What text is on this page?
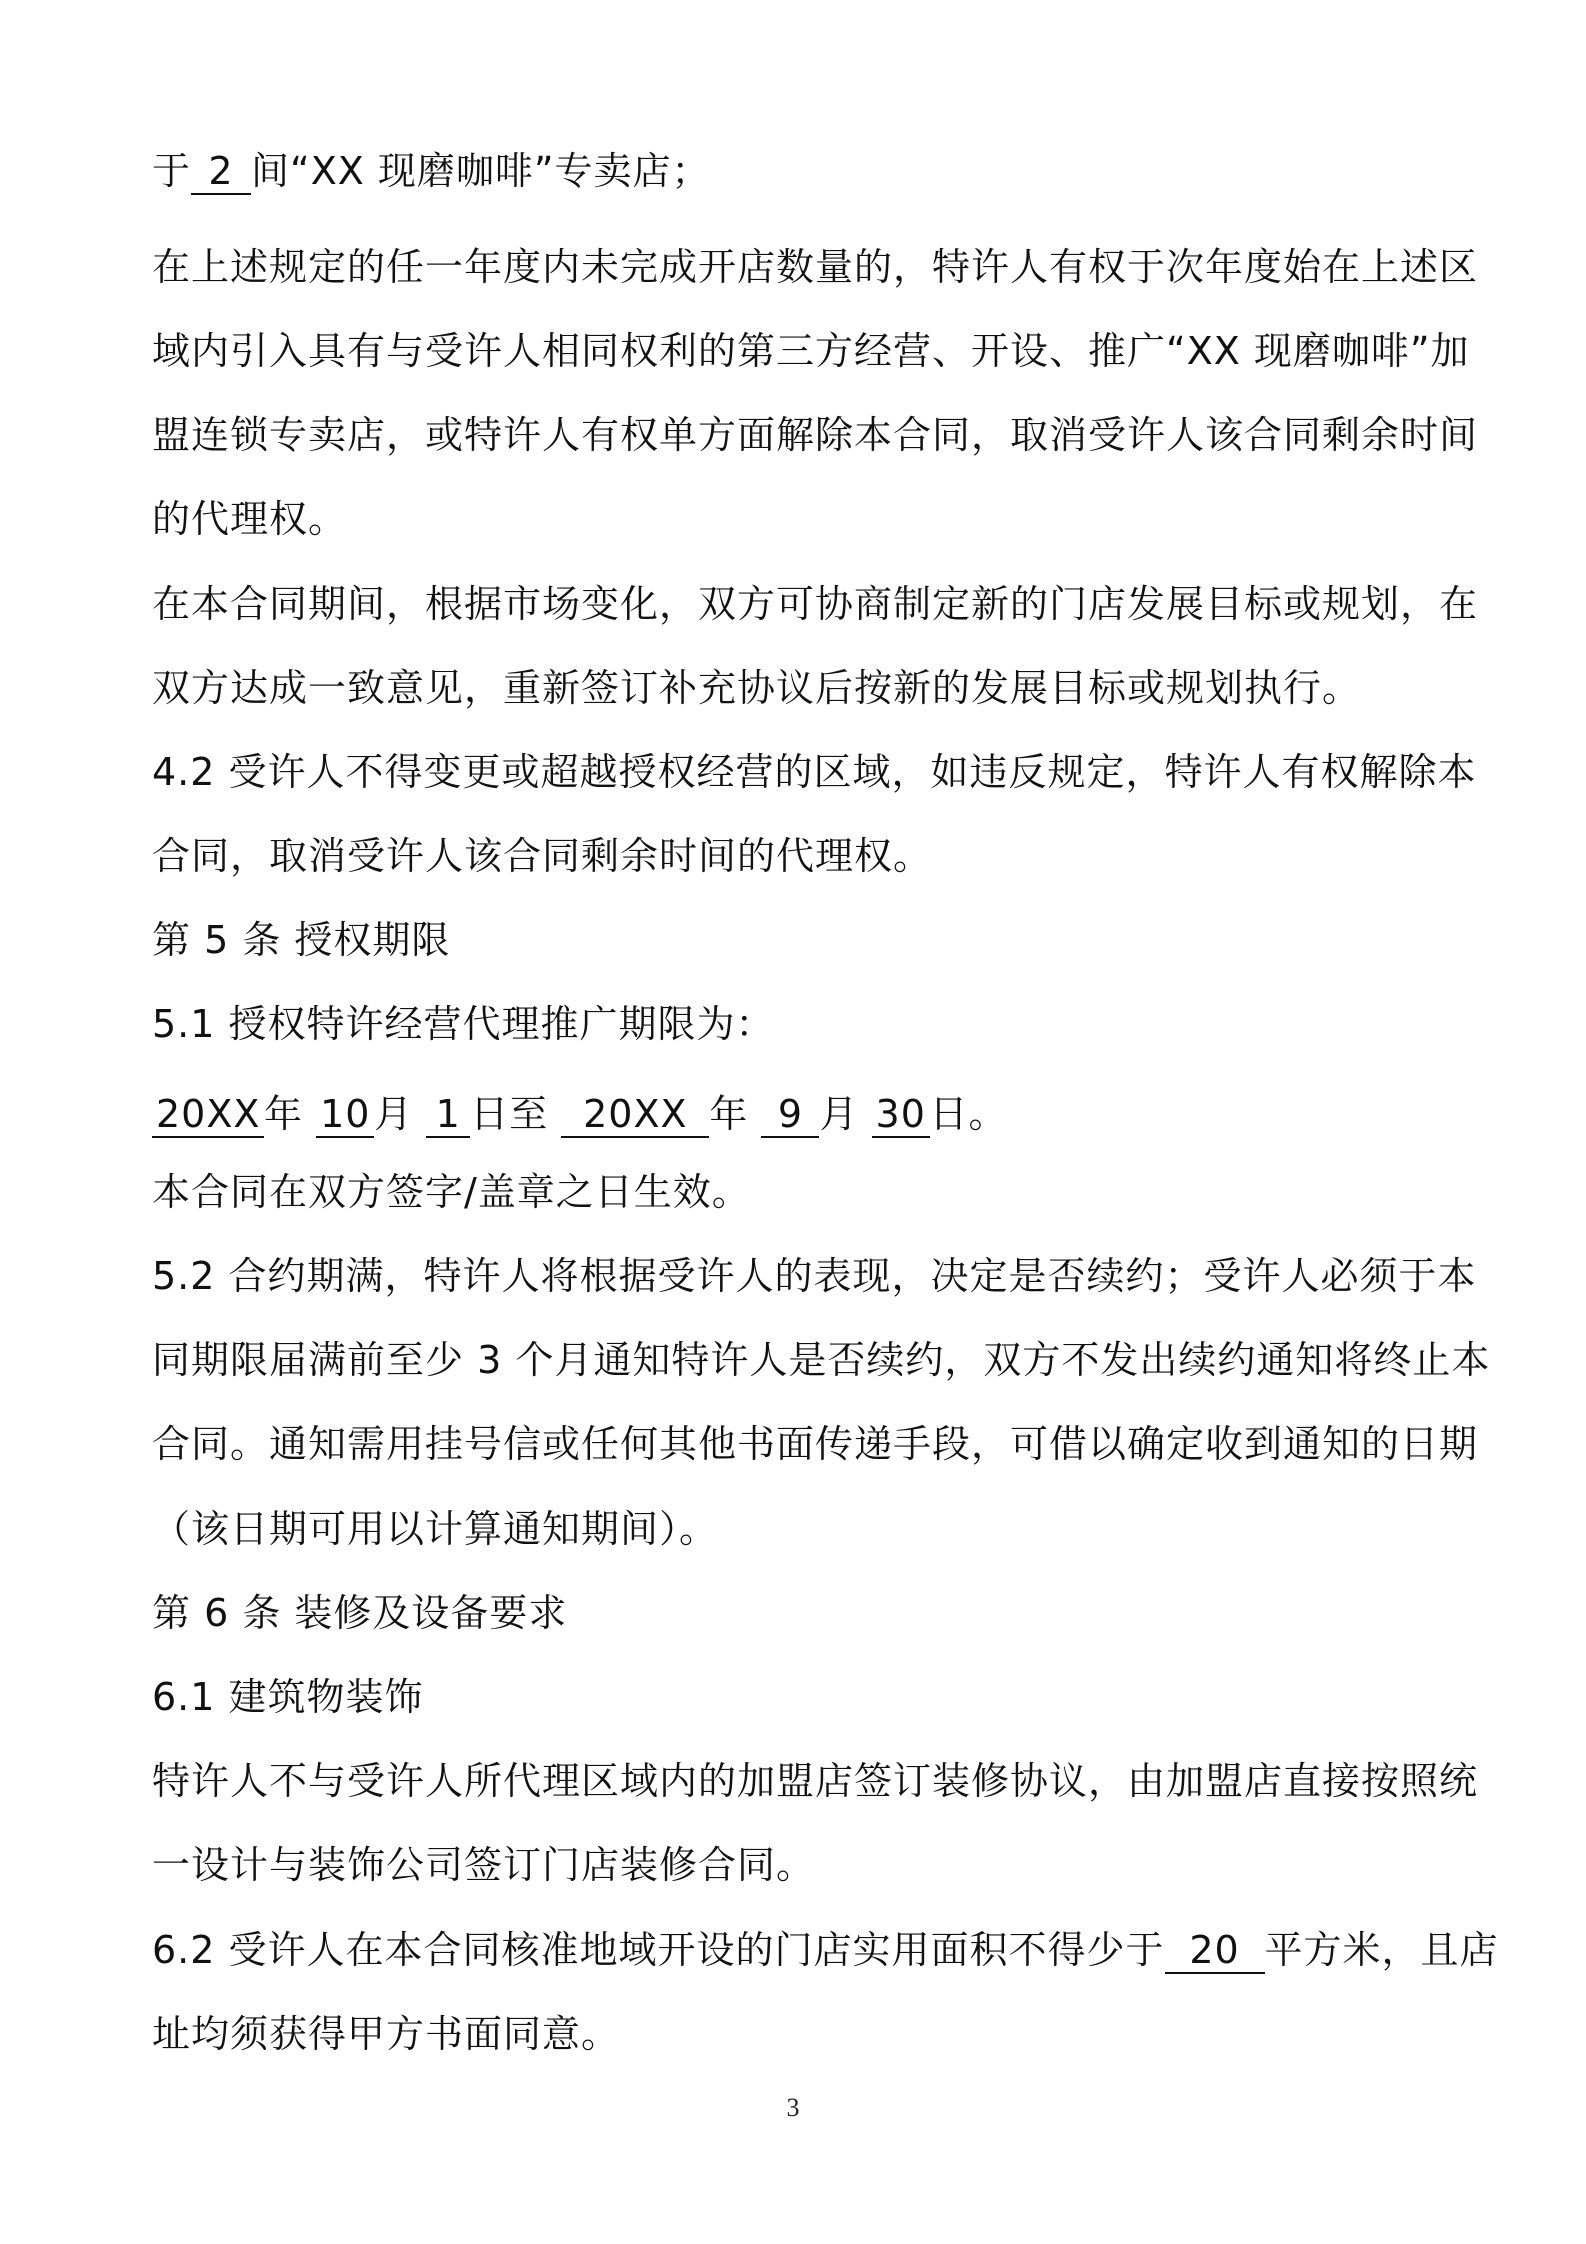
于 2 间“XX 现磨咖啡”专卖店；
在上述规定的任一年度内未完成开店数量的，特许人有权于次年度始在上述区
域内引入具有与受许人相同权利的第三方经营、开设、推广“XX 现磨咖啡”加
盟连锁专卖店，或特许人有权单方面解除本合同，取消受许人该合同剩余时间
的代理权。
在本合同期间，根据市场变化，双方可协商制定新的门店发展目标或规划，在
双方达成一致意见，重新签订补充协议后按新的发展目标或规划执行。
4.2 受许人不得变更或超越授权经营的区域，如违反规定，特许人有权解除本
合同，取消受许人该合同剩余时间的代理权。
第 5 条 授权期限
5.1 授权特许经营代理推广期限为：
20XX年 10月 1 日至 20XX 年 9 月 30日。
本合同在双方签字/盖章之日生效。
5.2 合约期满，特许人将根据受许人的表现，决定是否续约；受许人必须于本
同期限届满前至少 3 个月通知特许人是否续约，双方不发出续约通知将终止本
合同。通知需用挂号信或任何其他书面传递手段，可借以确定收到通知的日期
（该日期可用以计算通知期间）。
第 6 条 装修及设备要求
6.1 建筑物装饰
特许人不与受许人所代理区域内的加盟店签订装修协议，由加盟店直接按照统
一设计与装饰公司签订门店装修合同。
6.2 受许人在本合同核准地域开设的门店实用面积不得少于 20 平方米，且店
址均须获得甲方书面同意。
3
